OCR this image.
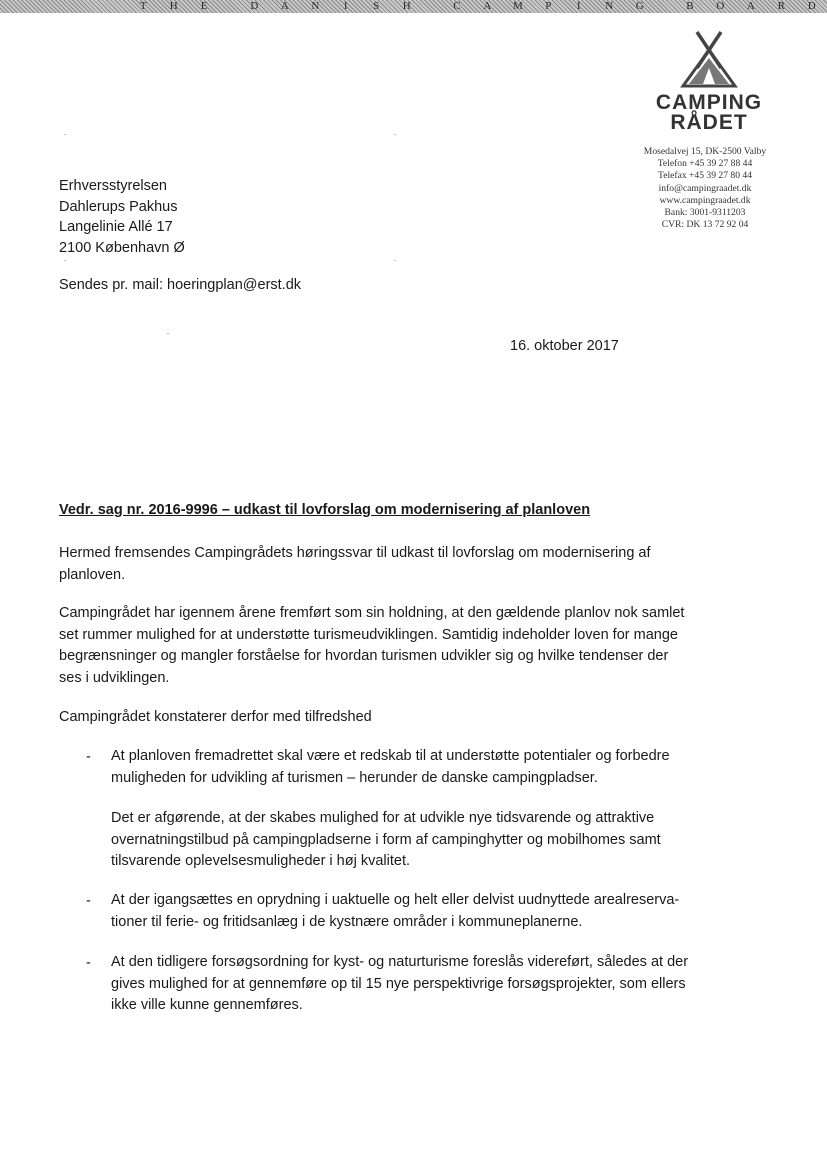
T	H	E
	D	A	N	I	S	H
	C	A	M	P	I	N	G
	B	O	A	R	D
CAMPING
RÅDET
Mosedalvej 15, DK-2500 Valby
Telefon +45 39 27 88 44
Telefax +45 39 27 80 44
info@campingraadet.dk
www.campingraadet.dk
Bank: 3001-9311203
CVR: DK 13 72 92 04
Erhversstyrelsen
Dahlerups Pakhus
Langelinie Allé 17
2100 København Ø
Sendes pr. mail: hoeringplan@erst.dk
16. oktober 2017
Vedr. sag nr. 2016-9996 – udkast til lovforslag om modernisering af planloven
Hermed fremsendes Campingrådets høringssvar til udkast til lovforslag om modernisering af
planloven.
Campingrådet har igennem årene fremført som sin holdning, at den gældende planlov nok samlet
set rummer mulighed for at understøtte turismeudviklingen. Samtidig indeholder loven for mange
begrænsninger og mangler forståelse for hvordan turismen udvikler sig og hvilke tendenser der
ses i udviklingen.
Campingrådet konstaterer derfor med tilfredshed
- At planloven fremadrettet skal være et redskab til at understøtte potentialer og forbedre
muligheden for udvikling af turismen – herunder de danske campingpladser.
Det er afgørende, at der skabes mulighed for at udvikle nye tidsvarende og attraktive
overnatningstilbud på campingpladserne i form af campinghytter og mobilhomes samt
tilsvarende oplevelsesmuligheder i høj kvalitet.
- At der igangsættes en oprydning i uaktuelle og helt eller delvist uudnyttede arealreserva-
tioner til ferie- og fritidsanlæg i de kystnære områder i kommuneplanerne.
- At den tidligere forsøgsordning for kyst- og naturturisme foreslås videreført, således at der
gives mulighed for at gennemføre op til 15 nye perspektivrige forsøgsprojekter, som ellers
ikke ville kunne gennemføres.
